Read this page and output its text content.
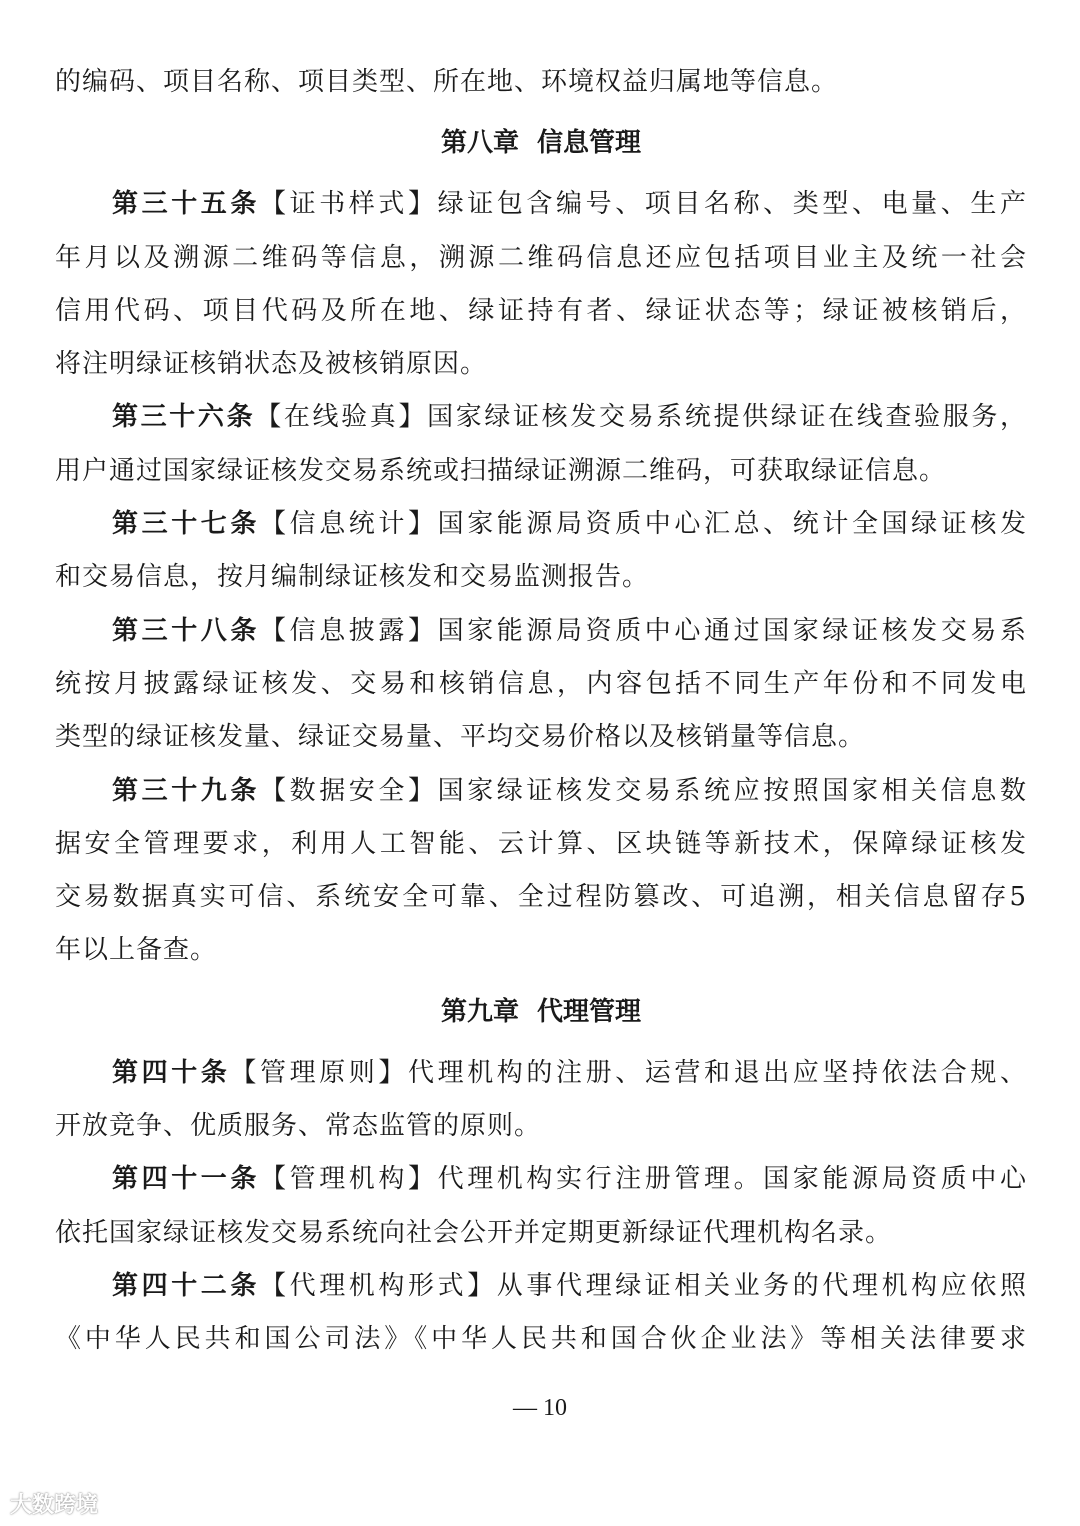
的编码、项目名称、项目类型、所在地、环境权益归属地等信息。
第八章  信息管理
第三十五条【证书样式】绿证包含编号、项目名称、类型、电量、生产
年月以及溯源二维码等信息，溯源二维码信息还应包括项目业主及统一社会
信用代码、项目代码及所在地、绿证持有者、绿证状态等；绿证被核销后，
将注明绿证核销状态及被核销原因。
第三十六条【在线验真】国家绿证核发交易系统提供绿证在线查验服务，
用户通过国家绿证核发交易系统或扫描绿证溯源二维码，可获取绿证信息。
第三十七条【信息统计】国家能源局资质中心汇总、统计全国绿证核发
和交易信息，按月编制绿证核发和交易监测报告。
第三十八条【信息披露】国家能源局资质中心通过国家绿证核发交易系
统按月披露绿证核发、交易和核销信息，内容包括不同生产年份和不同发电
类型的绿证核发量、绿证交易量、平均交易价格以及核销量等信息。
第三十九条【数据安全】国家绿证核发交易系统应按照国家相关信息数
据安全管理要求，利用人工智能、云计算、区块链等新技术，保障绿证核发
交易数据真实可信、系统安全可靠、全过程防篡改、可追溯，相关信息留存5
年以上备查。
第九章  代理管理
第四十条【管理原则】代理机构的注册、运营和退出应坚持依法合规、
开放竞争、优质服务、常态监管的原则。
第四十一条【管理机构】代理机构实行注册管理。国家能源局资质中心
依托国家绿证核发交易系统向社会公开并定期更新绿证代理机构名录。
第四十二条【代理机构形式】从事代理绿证相关业务的代理机构应依照
《中华人民共和国公司法》《中华人民共和国合伙企业法》等相关法律要求
— 10
大数跨境
